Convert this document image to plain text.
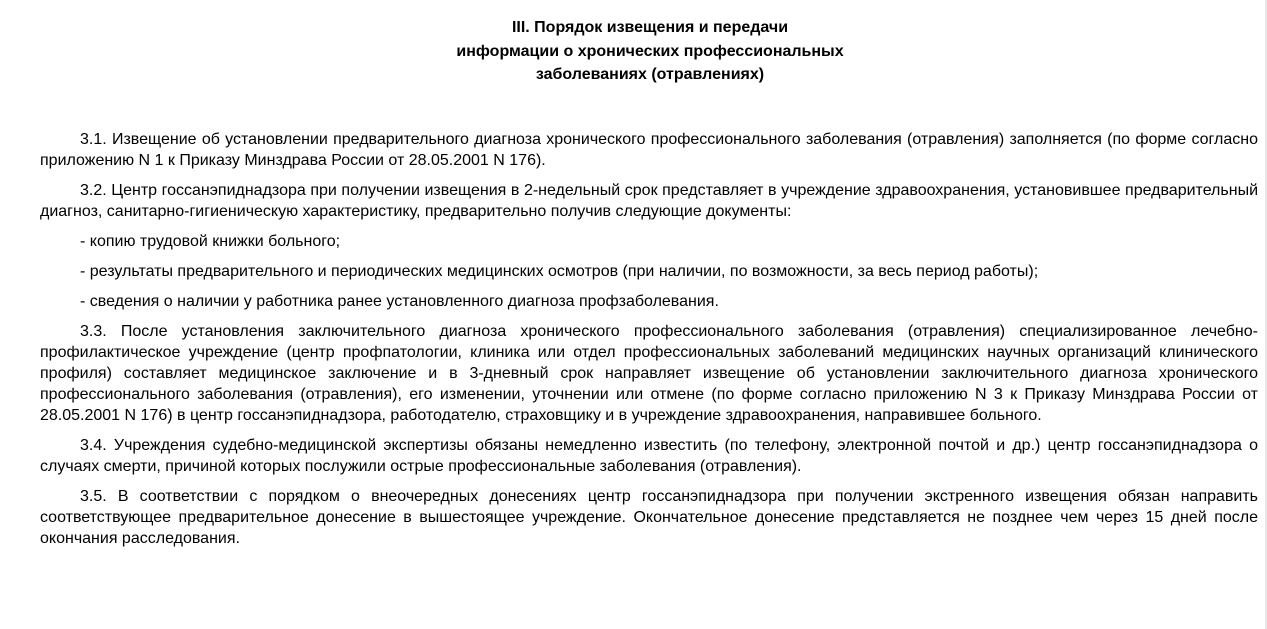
III. Порядок извещения и передачи
информации о хронических профессиональных
заболеваниях (отравлениях)

3.1. Извещение об установлении предварительного диагноза хронического профессионального заболевания (отравления) заполняется (по форме согласно приложению N 1 к Приказу Минздрава России от 28.05.2001 N 176).

3.2. Центр госсанэпиднадзора при получении извещения в 2-недельный срок представляет в учреждение здравоохранения, установившее предварительный диагноз, санитарно-гигиеническую характеристику, предварительно получив следующие документы:

- копию трудовой книжки больного;

- результаты предварительного и периодических медицинских осмотров (при наличии, по возможности, за весь период работы);

- сведения о наличии у работника ранее установленного диагноза профзаболевания.

3.3. После установления заключительного диагноза хронического профессионального заболевания (отравления) специализированное лечебно-профилактическое учреждение (центр профпатологии, клиника или отдел профессиональных заболеваний медицинских научных организаций клинического профиля) составляет медицинское заключение и в 3-дневный срок направляет извещение об установлении заключительного диагноза хронического профессионального заболевания (отравления), его изменении, уточнении или отмене (по форме согласно приложению N 3 к Приказу Минздрава России от 28.05.2001 N 176) в центр госсанэпиднадзора, работодателю, страховщику и в учреждение здравоохранения, направившее больного.

3.4. Учреждения судебно-медицинской экспертизы обязаны немедленно известить (по телефону, электронной почтой и др.) центр госсанэпиднадзора о случаях смерти, причиной которых послужили острые профессиональные заболевания (отравления).

3.5. В соответствии с порядком о внеочередных донесениях центр госсанэпиднадзора при получении экстренного извещения обязан направить соответствующее предварительное донесение в вышестоящее учреждение. Окончательное донесение представляется не позднее чем через 15 дней после окончания расследования.
